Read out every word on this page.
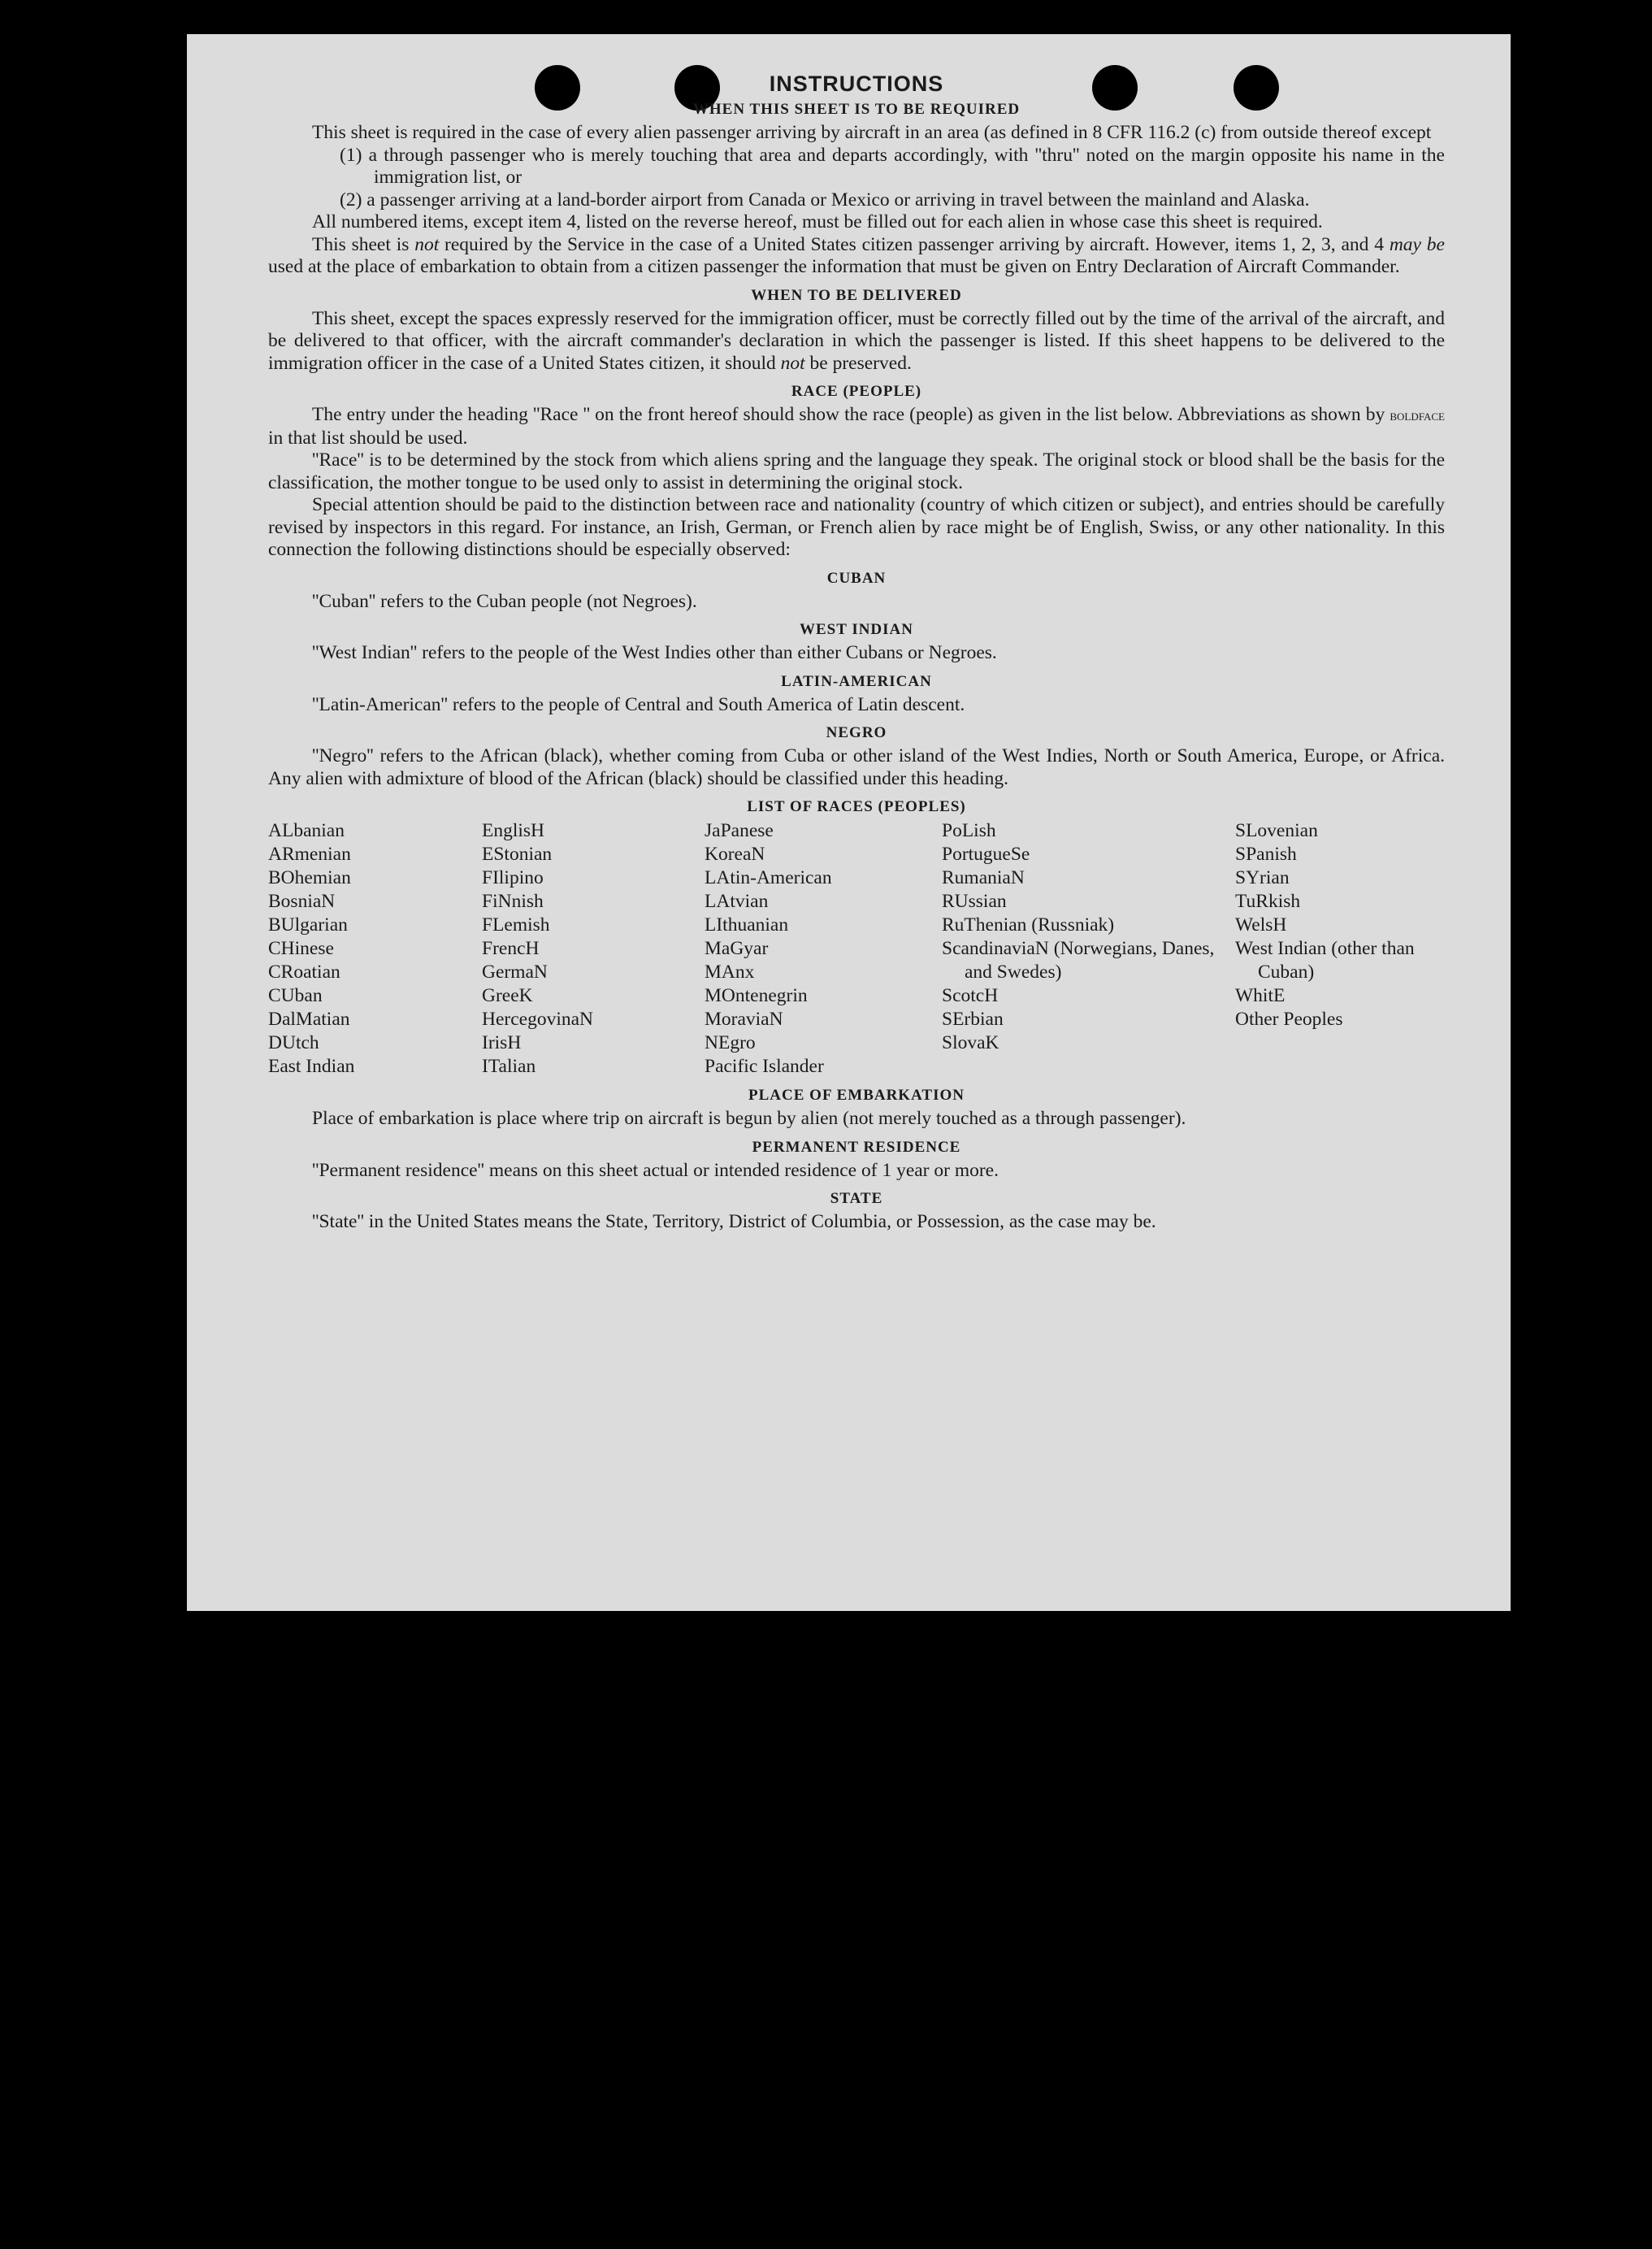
INSTRUCTIONS
WHEN THIS SHEET IS TO BE REQUIRED

This sheet is required in the case of every alien passenger arriving by aircraft in an area (as defined in 8 CFR 116.2 (c) from outside thereof except

(1) a through passenger who is merely touching that area and departs accordingly, with ''thru'' noted on the margin opposite his name in the immigration list, or

(2) a passenger arriving at a land-border airport from Canada or Mexico or arriving in travel between the mainland and Alaska.

All numbered items, except item 4, listed on the reverse hereof, must be filled out for each alien in whose case this sheet is required.

This sheet is not required by the Service in the case of a United States citizen passenger arriving by aircraft. However, items 1, 2, 3, and 4 may be used at the place of embarkation to obtain from a citizen passenger the information that must be given on Entry Declaration of Aircraft Commander.

WHEN TO BE DELIVERED

This sheet, except the spaces expressly reserved for the immigration officer, must be correctly filled out by the time of the arrival of the aircraft, and be delivered to that officer, with the aircraft commander's declaration in which the passenger is listed. If this sheet happens to be delivered to the immigration officer in the case of a United States citizen, it should not be preserved.

RACE (PEOPLE)

The entry under the heading ''Race '' on the front hereof should show the race (people) as given in the list below. Abbreviations as shown by boldface in that list should be used.

''Race'' is to be determined by the stock from which aliens spring and the language they speak. The original stock or blood shall be the basis for the classification, the mother tongue to be used only to assist in determining the original stock.

Special attention should be paid to the distinction between race and nationality (country of which citizen or subject), and entries should be carefully revised by inspectors in this regard. For instance, an Irish, German, or French alien by race might be of English, Swiss, or any other nationality. In this connection the following distinctions should be especially observed:

CUBAN

''Cuban'' refers to the Cuban people (not Negroes).

WEST INDIAN

''West Indian'' refers to the people of the West Indies other than either Cubans or Negroes.

LATIN-AMERICAN

''Latin-American'' refers to the people of Central and South America of Latin descent.

NEGRO

''Negro'' refers to the African (black), whether coming from Cuba or other island of the West Indies, North or South America, Europe, or Africa. Any alien with admixture of blood of the African (black) should be classified under this heading.

LIST OF RACES (PEOPLES)
ALbanian
ARmenian
BOhemian
BosniaN
BUlgarian
CHinese
CRoatian
CUban
DalMatian
DUtch
East Indian
EnglisH
EStonian
FIlipino
FiNnish
FLemish
FrencH
GermaN
GreeK
HercegovinaN
IrisH
ITalian
JaPanese
KoreaN
LAtin-American
LAtvian
LIthuanian
MaGyar
MAnx
MOntenegrin
MoraviaN
NEgro
Pacific Islander
PoLish
PortugueSe
RumaniaN
RUssian
RuThenian (Russniak)
ScandinaviaN (Norwegians, Danes, and Swedes)
ScotcH
SErbian
SlovaK
SLovenian
SPanish
SYrian
TuRkish
WelsH
West Indian (other than Cuban)
WhitE
Other Peoples
PLACE OF EMBARKATION

Place of embarkation is place where trip on aircraft is begun by alien (not merely touched as a through passenger).

PERMANENT RESIDENCE

''Permanent residence'' means on this sheet actual or intended residence of 1 year or more.

STATE

''State'' in the United States means the State, Territory, District of Columbia, or Possession, as the case may be.
